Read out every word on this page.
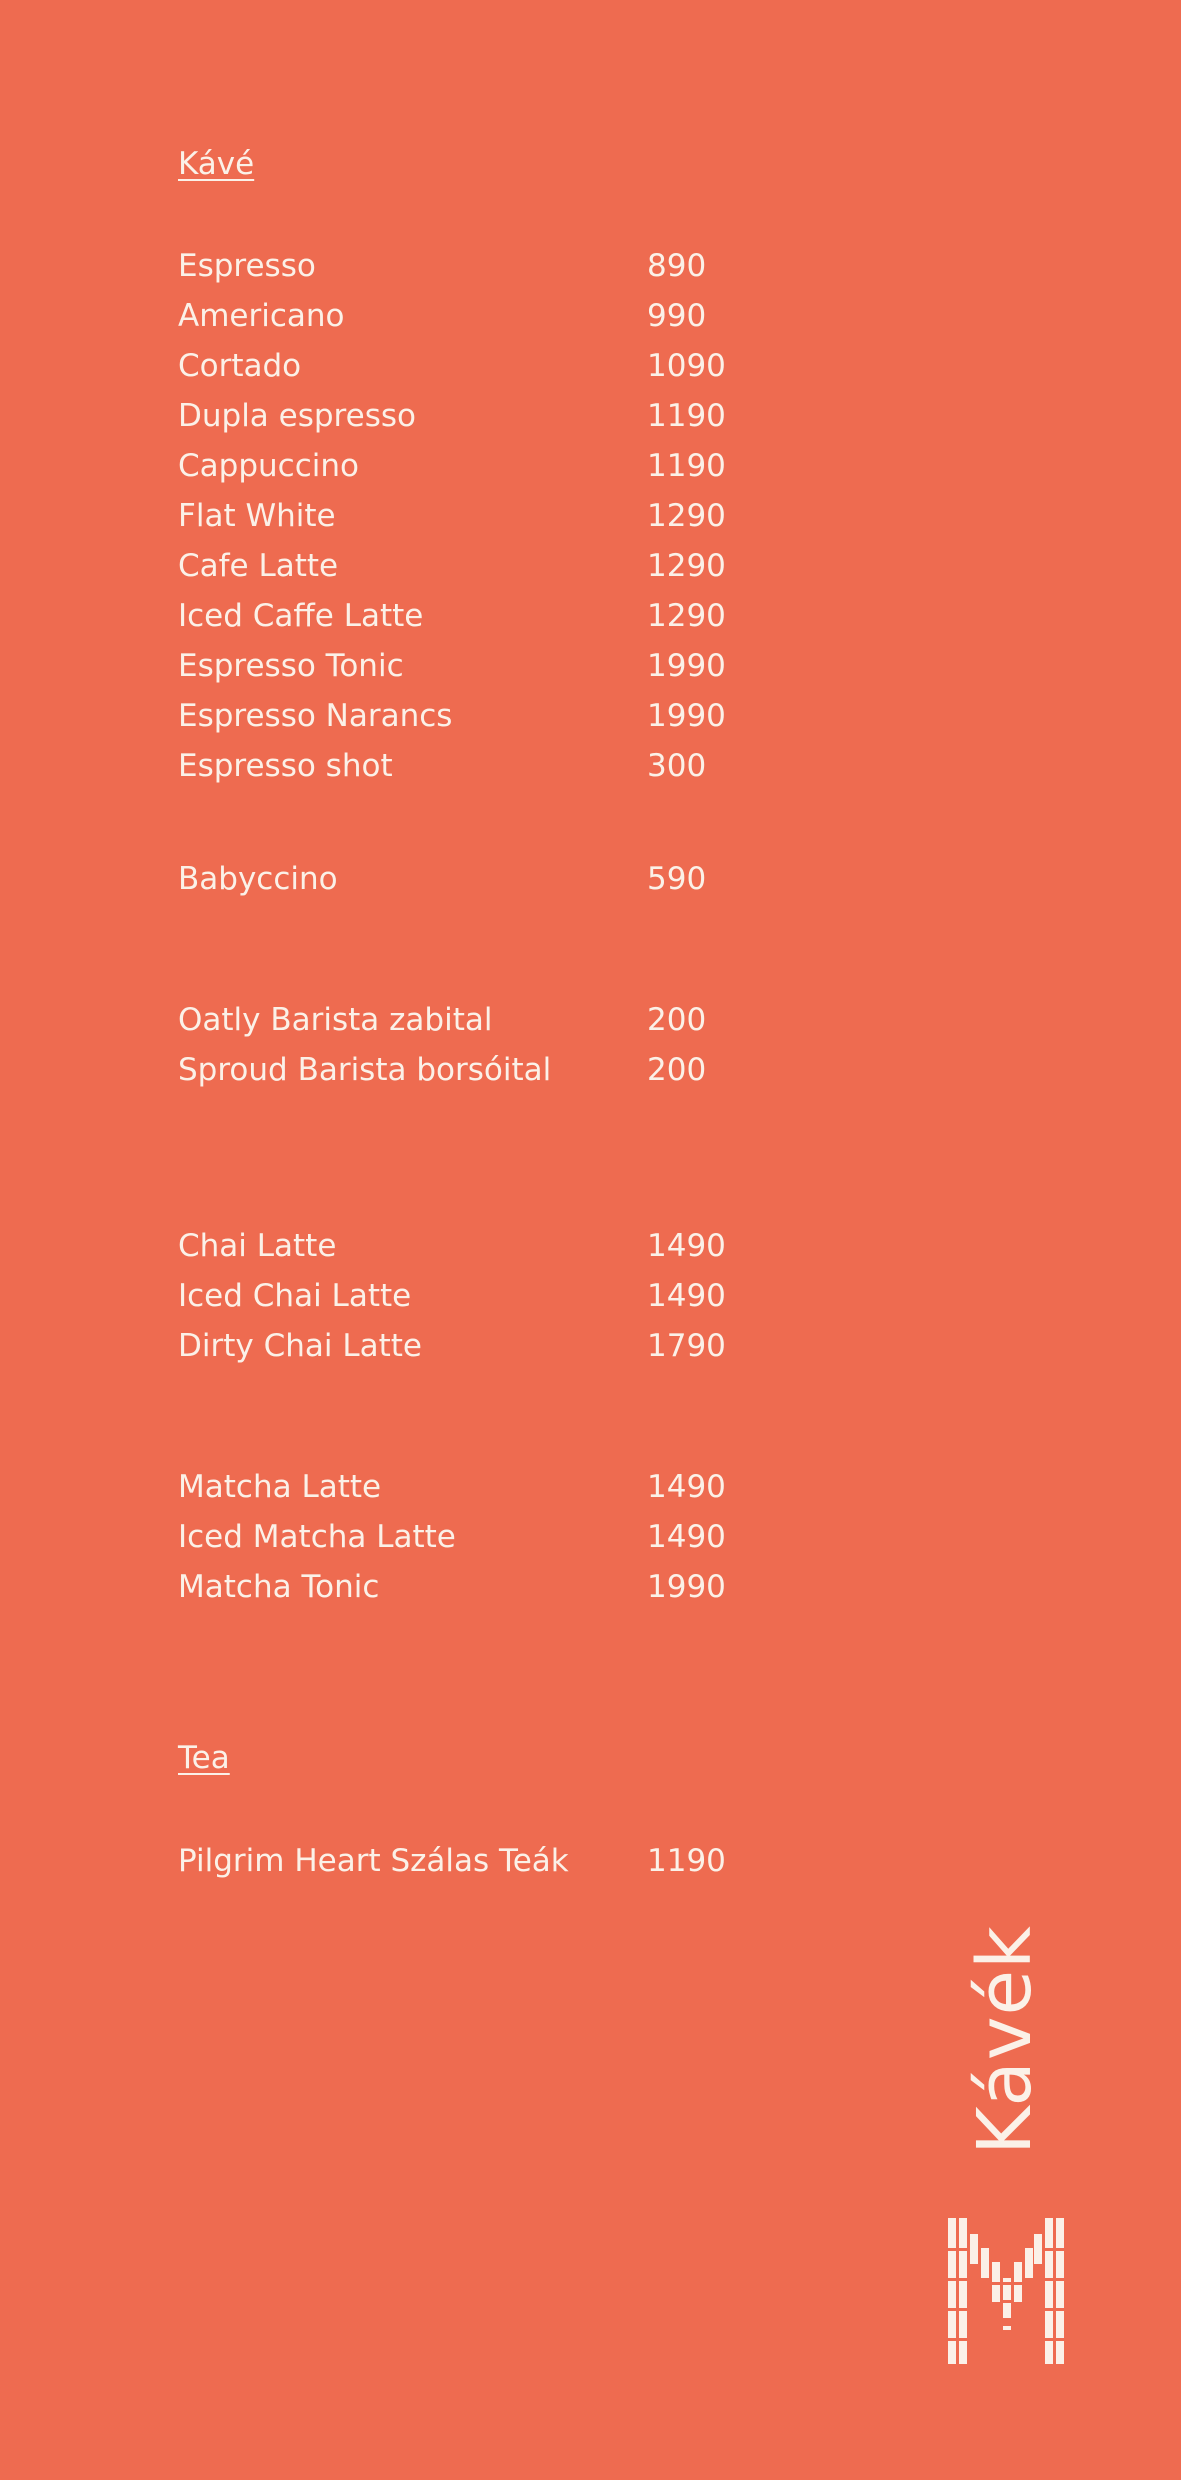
Kávé
Espresso	890
Americano	990
Cortado	1090
Dupla espresso	1190
Cappuccino	1190
Flat White	1290
Cafe Latte	1290
Iced Caffe Latte	1290
Espresso Tonic	1990
Espresso Narancs	1990
Espresso shot	300
Babyccino	590
Oatly Barista zabital	200
Sproud Barista borsóital	200
Chai Latte	1490
Iced Chai Latte	1490
Dirty Chai Latte	1790
Matcha Latte	1490
Iced Matcha Latte	1490
Matcha Tonic	1990
Tea
Pilgrim Heart Szálas Teák	1190
Kávék
